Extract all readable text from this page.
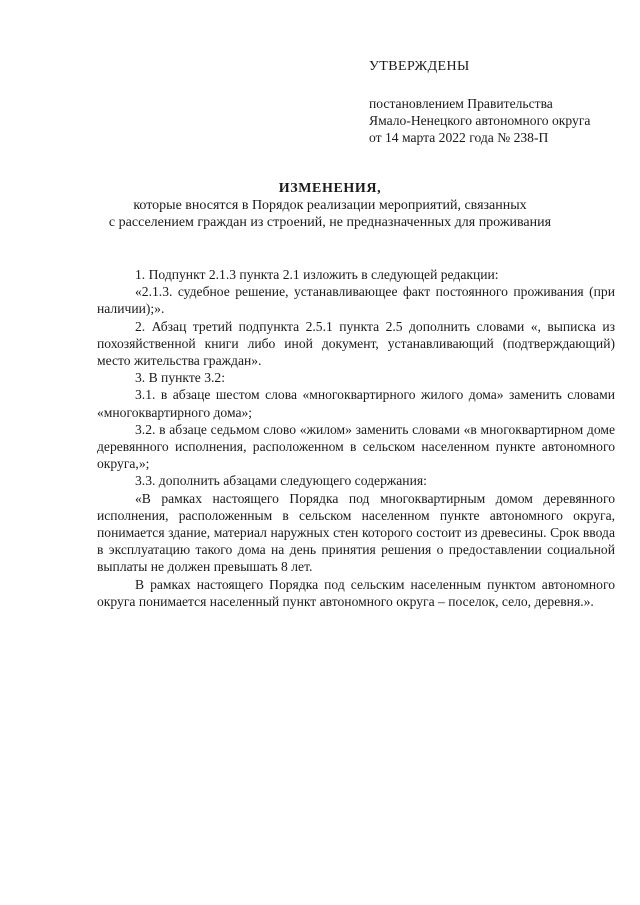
УТВЕРЖДЕНЫ
постановлением Правительства
Ямало-Ненецкого автономного округа
от 14 марта 2022 года № 238-П
ИЗМЕНЕНИЯ,
которые вносятся в Порядок реализации мероприятий, связанных
с расселением граждан из строений, не предназначенных для проживания

1. Подпункт 2.1.3 пункта 2.1 изложить в следующей редакции:

«2.1.3. судебное решение, устанавливающее факт постоянного проживания (при наличии);».

2. Абзац третий подпункта 2.5.1 пункта 2.5 дополнить словами «, выписка из похозяйственной книги либо иной документ, устанавливающий (подтверждающий) место жительства граждан».

3. В пункте 3.2:

3.1. в абзаце шестом слова «многоквартирного жилого дома» заменить словами «многоквартирного дома»;

3.2. в абзаце седьмом слово «жилом» заменить словами «в многоквартирном доме деревянного исполнения, расположенном в сельском населенном пункте автономного округа,»;

3.3. дополнить абзацами следующего содержания:

«В рамках настоящего Порядка под многоквартирным домом деревянного исполнения, расположенным в сельском населенном пункте автономного округа, понимается здание, материал наружных стен которого состоит из древесины. Срок ввода в эксплуатацию такого дома на день принятия решения о предоставлении социальной выплаты не должен превышать 8 лет.

В рамках настоящего Порядка под сельским населенным пунктом автономного округа понимается населенный пункт автономного округа – поселок, село, деревня.».
